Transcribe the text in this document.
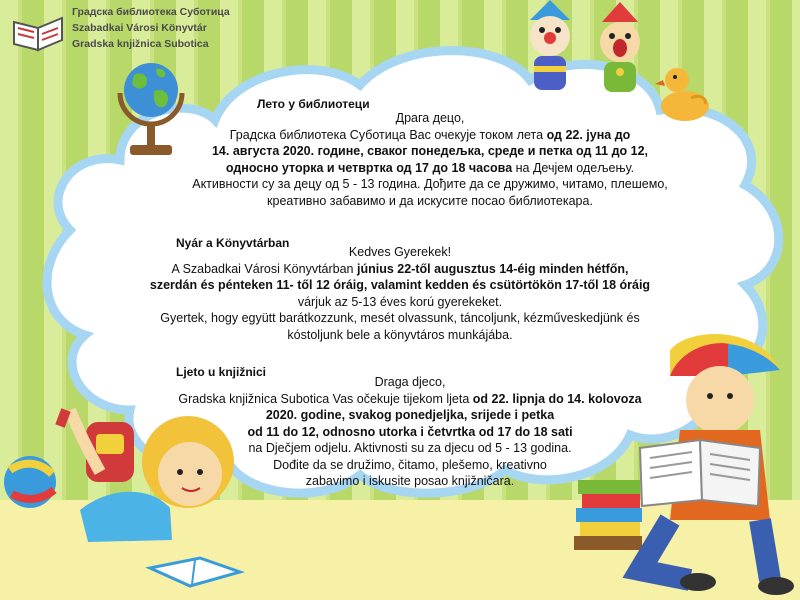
Градска библиотека Суботица
Szabadkai Városi Könyvtár
Gradska knjižnica Subotica
Лето у библиотеци

Драга децо,

Градска библиотека Суботица Вас очекује током лета од 22. јуна до

14. августа 2020. године, сваког понедељка, среде и петка од 11 до 12,

односно уторка и четвртка од 17 до 18 часова на Дечјем одељењу.

Активности су за децу од 5 - 13 година. Дођите да се дружимо, читамо, плешемо,

креативно забавимо и да искусите посао библиотекара.

Nyár a Könyvtárban

Kedves Gyerekek!

A Szabadkai Városi Könyvtárban június 22-től augusztus 14-éig minden hétfőn,

szerdán és pénteken 11- től 12 óráig, valamint kedden és csütörtökön 17-től 18 óráig

várjuk az 5-13 éves korú gyerekeket.

Gyertek, hogy együtt barátkozzunk, mesét olvassunk, táncoljunk, kézműveskedjünk és

kóstoljunk bele a könyvtáros munkájába.

Ljeto u knjižnici

Draga djeco,

Gradska knjižnica Subotica Vas očekuje tijekom ljeta od 22. lipnja do 14. kolovoza

2020. godine, svakog ponedjeljka, srijede i petka

od 11 do 12, odnosno utorka i četvrtka od 17 do 18 sati

na Dječjem odjelu. Aktivnosti su za djecu od 5 - 13 godina.

Dođite da se družimo, čitamo, plešemo, kreativno

zabavimo i iskusite posao knjižničara.
